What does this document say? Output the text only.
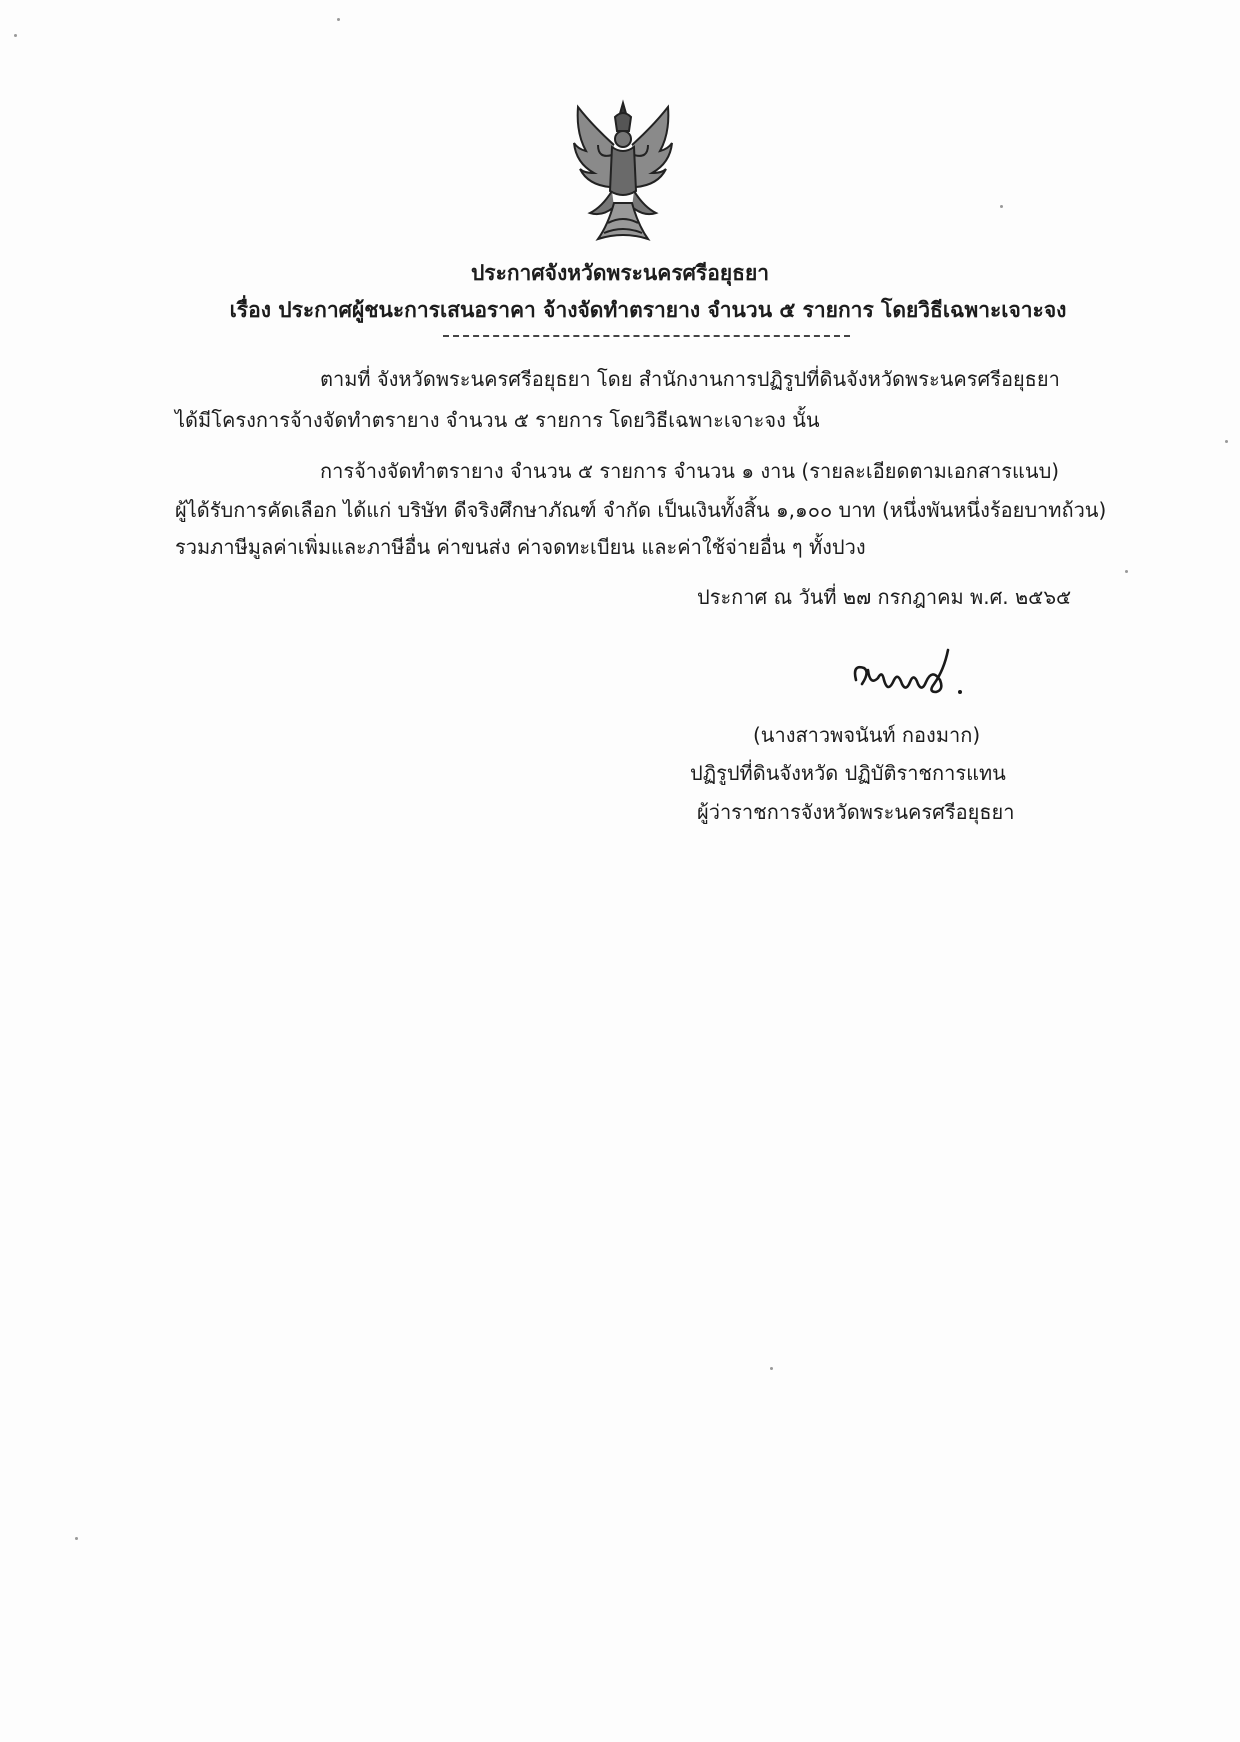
ประกาศจังหวัดพระนครศรีอยุธยา
เรื่อง ประกาศผู้ชนะการเสนอราคา จ้างจัดทำตรายาง จำนวน ๕ รายการ โดยวิธีเฉพาะเจาะจง
ตามที่ จังหวัดพระนครศรีอยุธยา โดย สำนักงานการปฏิรูปที่ดินจังหวัดพระนครศรีอยุธยา
ได้มีโครงการจ้างจัดทำตรายาง จำนวน ๕ รายการ โดยวิธีเฉพาะเจาะจง นั้น
การจ้างจัดทำตรายาง จำนวน ๕ รายการ จำนวน ๑ งาน (รายละเอียดตามเอกสารแนบ)
ผู้ได้รับการคัดเลือก ได้แก่ บริษัท ดีจริงศึกษาภัณฑ์ จำกัด เป็นเงินทั้งสิ้น ๑,๑๐๐ บาท (หนึ่งพันหนึ่งร้อยบาทถ้วน)
รวมภาษีมูลค่าเพิ่มและภาษีอื่น ค่าขนส่ง ค่าจดทะเบียน และค่าใช้จ่ายอื่น ๆ ทั้งปวง
ประกาศ ณ วันที่ ๒๗ กรกฎาคม พ.ศ. ๒๕๖๕
(นางสาวพจนันท์ กองมาก)
ปฏิรูปที่ดินจังหวัด ปฏิบัติราชการแทน
ผู้ว่าราชการจังหวัดพระนครศรีอยุธยา
